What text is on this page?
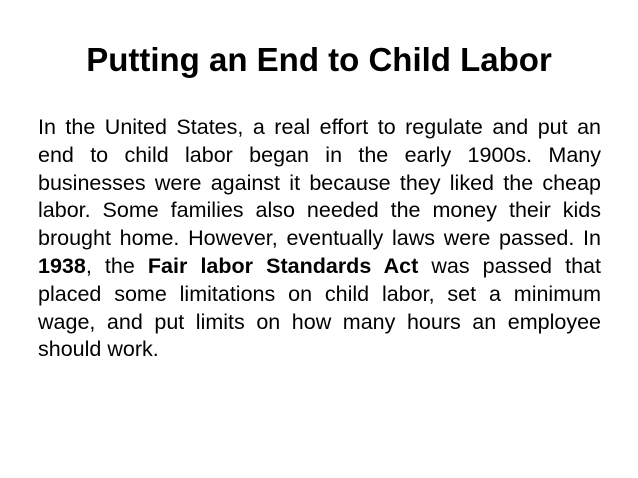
Putting an End to Child Labor

In the United States, a real effort to regulate and put an end to child labor began in the early 1900s. Many businesses were against it because they liked the cheap labor. Some families also needed the money their kids brought home. However, eventually laws were passed. In 1938, the Fair labor Standards Act was passed that placed some limitations on child labor, set a minimum wage, and put limits on how many hours an employee should work.
